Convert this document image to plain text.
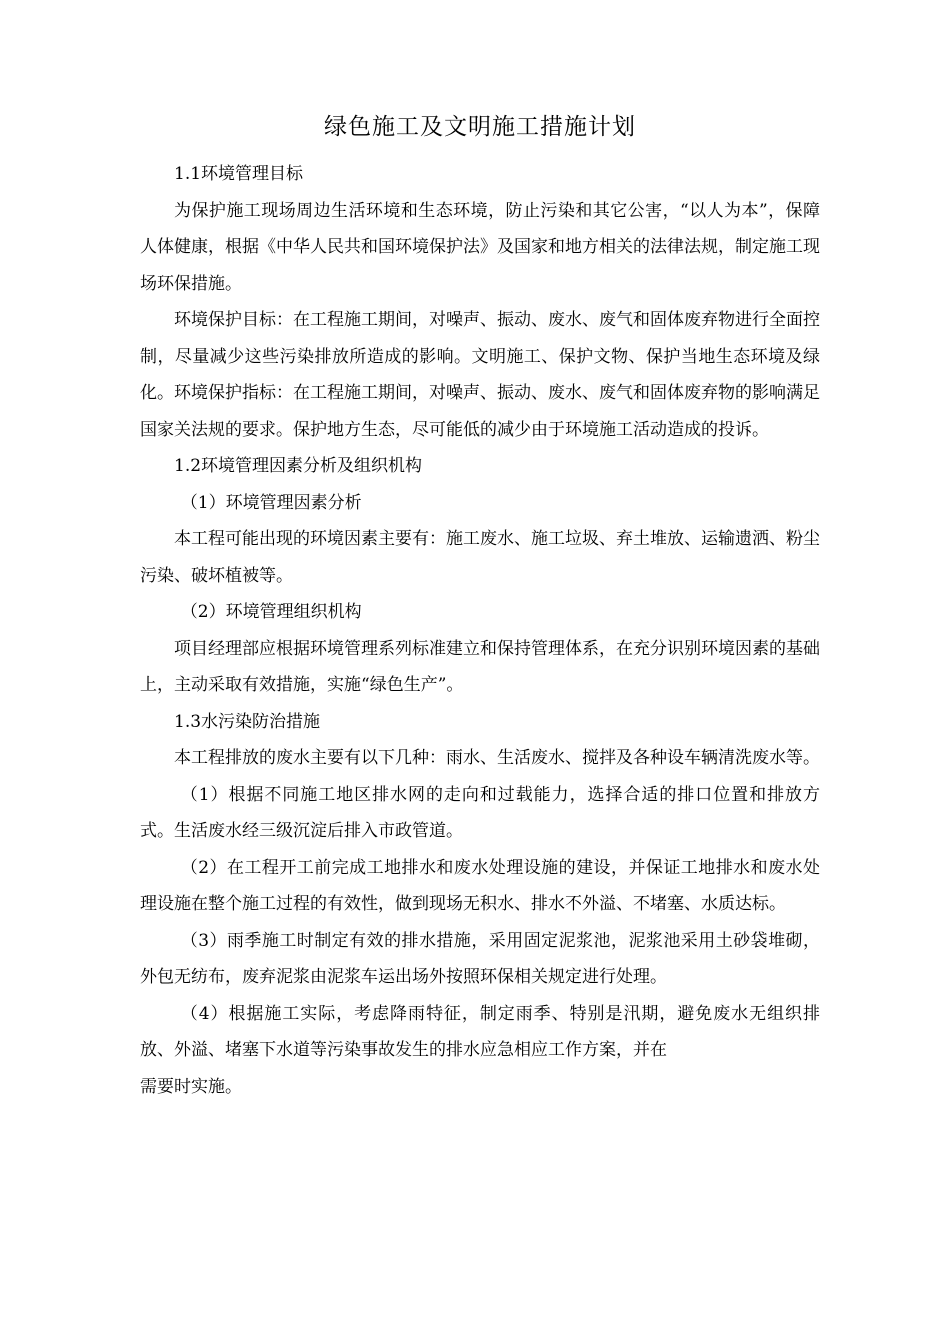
绿色施工及文明施工措施计划

1.1环境管理目标

为保护施工现场周边生活环境和生态环境，防止污染和其它公害，“以人为本”，保障人体健康，根据《中华人民共和国环境保护法》及国家和地方相关的法律法规，制定施工现场环保措施。

环境保护目标：在工程施工期间，对噪声、振动、废水、废气和固体废弃物进行全面控制，尽量减少这些污染排放所造成的影响。文明施工、保护文物、保护当地生态环境及绿化。环境保护指标：在工程施工期间，对噪声、振动、废水、废气和固体废弃物的影响满足国家关法规的要求。保护地方生态，尽可能低的减少由于环境施工活动造成的投诉。

1.2环境管理因素分析及组织机构

（1）环境管理因素分析

本工程可能出现的环境因素主要有：施工废水、施工垃圾、弃土堆放、运输遗洒、粉尘污染、破坏植被等。

（2）环境管理组织机构

项目经理部应根据环境管理系列标准建立和保持管理体系，在充分识别环境因素的基础上，主动采取有效措施，实施“绿色生产”。

1.3水污染防治措施

本工程排放的废水主要有以下几种：雨水、生活废水、搅拌及各种设车辆清洗废水等。

（1）根据不同施工地区排水网的走向和过载能力，选择合适的排口位置和排放方式。生活废水经三级沉淀后排入市政管道。

（2）在工程开工前完成工地排水和废水处理设施的建设，并保证工地排水和废水处理设施在整个施工过程的有效性，做到现场无积水、排水不外溢、不堵塞、水质达标。

（3）雨季施工时制定有效的排水措施，采用固定泥浆池，泥浆池采用土砂袋堆砌，外包无纺布，废弃泥浆由泥浆车运出场外按照环保相关规定进行处理。

（4）根据施工实际，考虑降雨特征，制定雨季、特别是汛期，避免废水无组织排放、外溢、堵塞下水道等污染事故发生的排水应急相应工作方案，并在
需要时实施。
